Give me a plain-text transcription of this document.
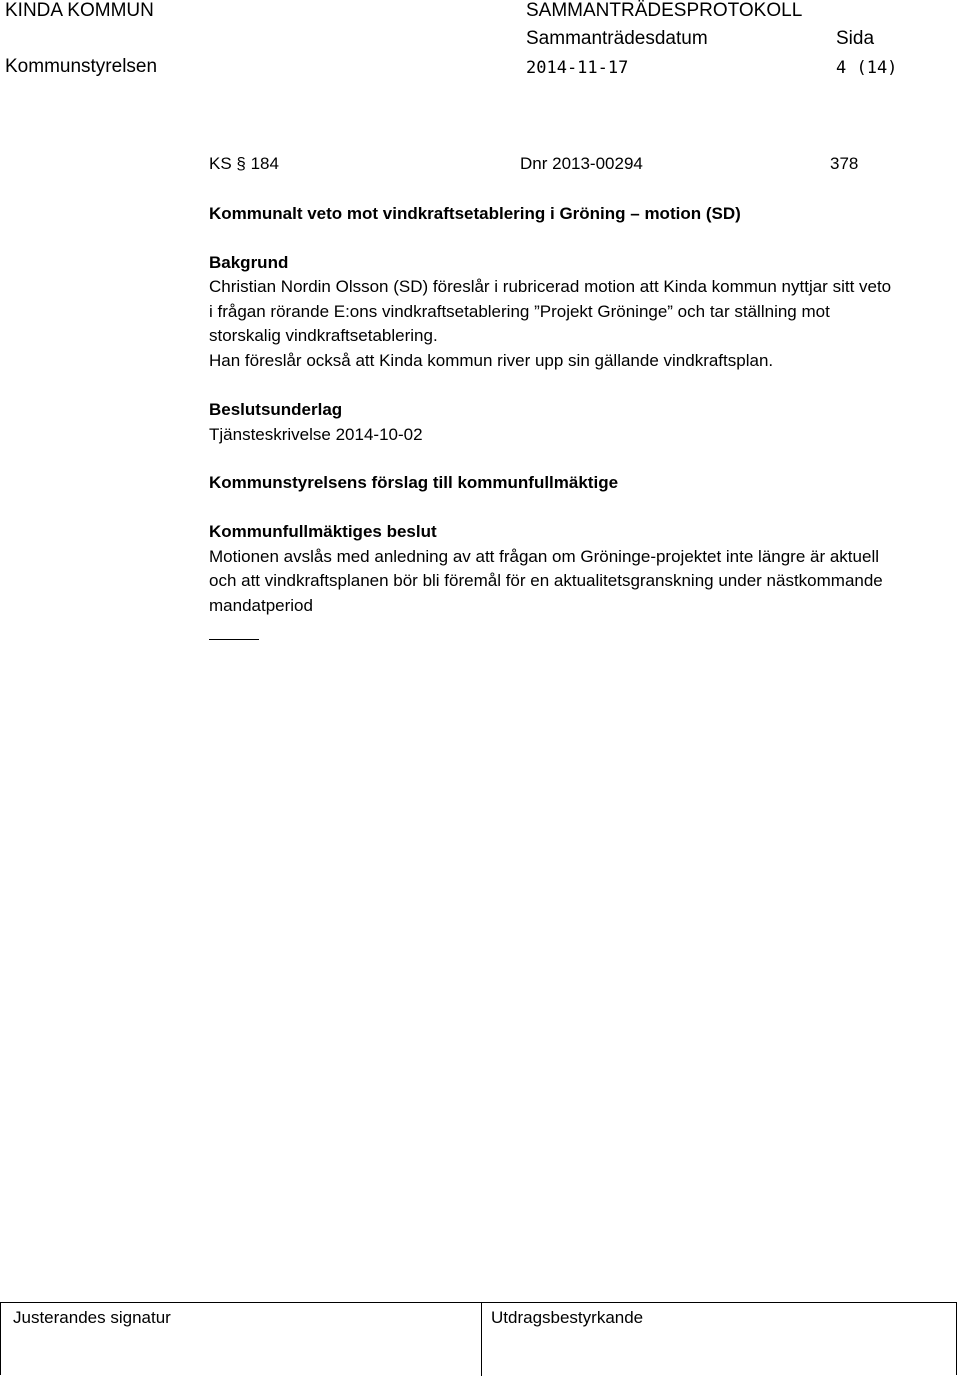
KINDA KOMMUN	SAMMANTRÄDESPROTOKOLL
Sammanträdesdatum	Sida
Kommunstyrelsen	2014-11-17	4 (14)
KS § 184	Dnr 2013-00294	378
Kommunalt veto mot vindkraftsetablering i Gröning – motion (SD)
Bakgrund
Christian Nordin Olsson (SD) föreslår i rubricerad motion att Kinda kommun nyttjar sitt veto
i frågan rörande E:ons vindkraftsetablering ”Projekt Gröninge” och tar ställning mot
storskalig vindkraftsetablering.
Han föreslår också att Kinda kommun river upp sin gällande vindkraftsplan.
Beslutsunderlag
Tjänsteskrivelse 2014-10-02
Kommunstyrelsens förslag till kommunfullmäktige
Kommunfullmäktiges beslut
Motionen avslås med anledning av att frågan om Gröninge-projektet inte längre är aktuell
och att vindkraftsplanen bör bli föremål för en aktualitetsgranskning under nästkommande
mandatperiod
Justerandes signatur	Utdragsbestyrkande
